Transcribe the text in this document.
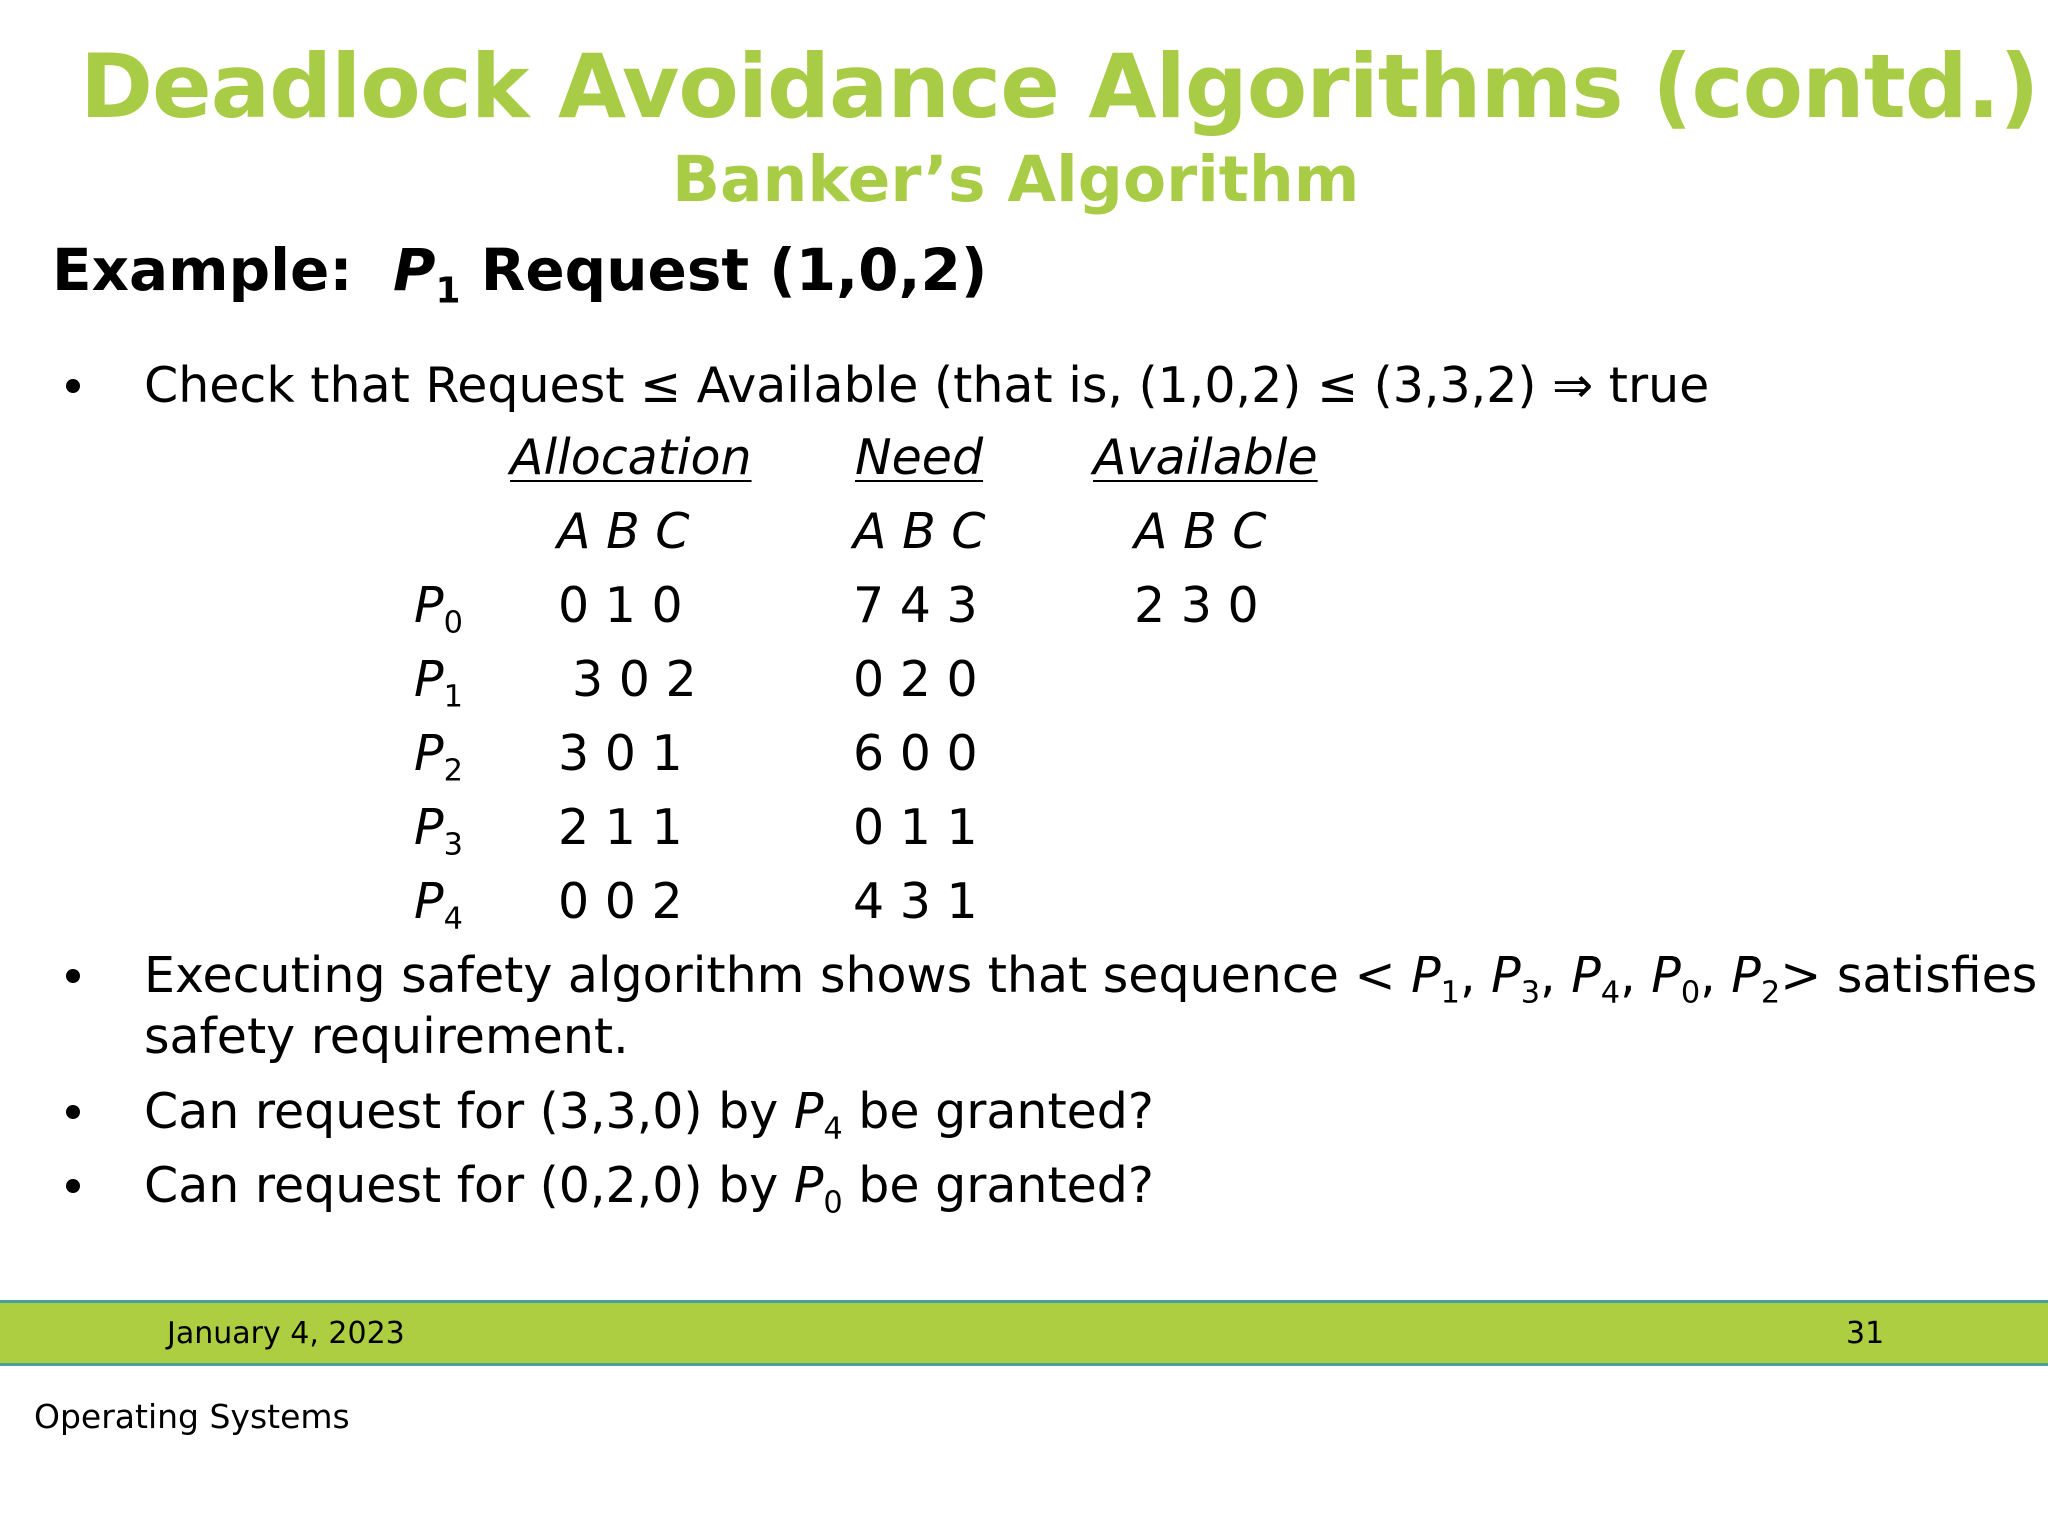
Deadlock Avoidance Algorithms (contd.)
Banker’s Algorithm
Example: $P_1$ Request (1,0,2)
Check that Request ≤ Available (that is, (1,0,2) ≤ (3,3,2) ⇒ true
Allocation Need Available
A B C	A B C	A B C
$P_0$ 0 1 0	7 4 3	2 3 0
$P_1$ 3 0 2	0 2 0
$P_2$ 3 0 1	6 0 0
$P_3$ 2 1 1	0 1 1
$P_4$ 0 0 2	4 3 1
Executing safety algorithm shows that sequence < $P_1$, $P_3$, $P_4$, $P_0$, $P_2>$ satisfies
safety requirement.
Can request for (3,3,0) by $P_4$ be granted?
Can request for (0,2,0) by $P_0$ be granted?
January 4, 2023	31
Operating Systems
